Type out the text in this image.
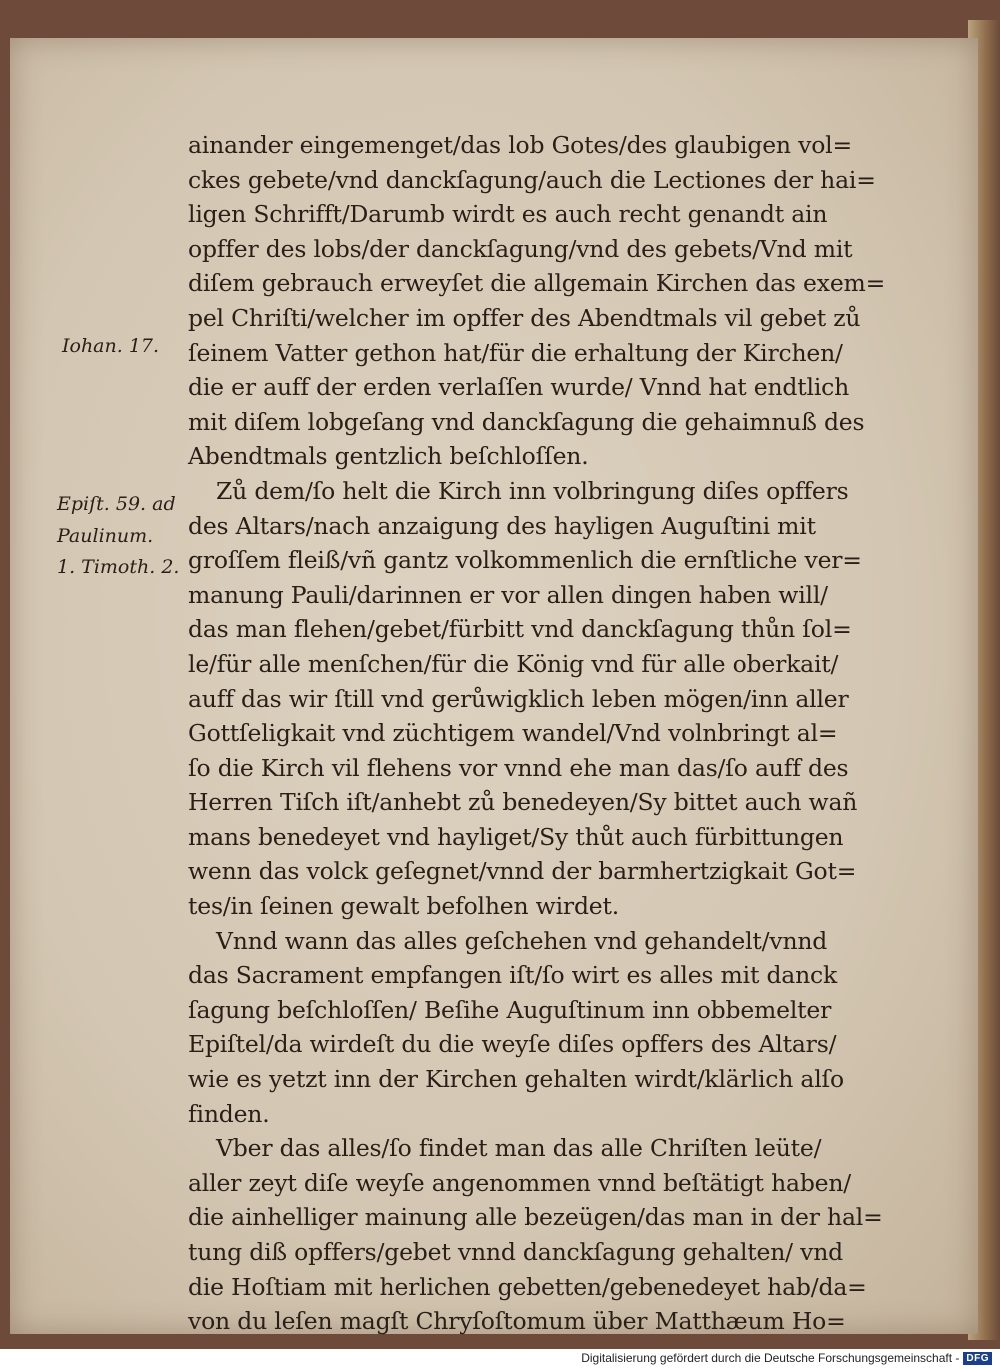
Iohan. 17.
Epiſt. 59. ad
Paulinum.
1. Timoth. 2.
ainander eingemenget/das lob Gotes/des glaubigen vol=
ckes gebete/vnd danckſagung/auch die Lectiones der hai=
ligen Schrifft/Darumb wirdt es auch recht genandt ain
opffer des lobs/der danckſagung/vnd des gebets/Vnd mit
diſem gebrauch erweyſet die allgemain Kirchen das exem=
pel Chriſti/welcher im opffer des Abendtmals vil gebet zů
ſeinem Vatter gethon hat/für die erhaltung der Kirchen/
die er auff der erden verlaſſen wurde/ Vnnd hat endtlich
mit diſem lobgeſang vnd danckſagung die gehaimnuß des
Abendtmals gentzlich beſchloſſen.
Zů dem/ſo helt die Kirch inn volbringung diſes opffers
des Altars/nach anzaigung des hayligen Auguſtini mit
groſſem fleiß/vñ gantz volkommenlich die ernſtliche ver=
manung Pauli/darinnen er vor allen dingen haben will/
das man flehen/gebet/fürbitt vnd danckſagung thůn ſol=
le/für alle menſchen/für die König vnd für alle oberkait/
auff das wir ſtill vnd gerůwigklich leben mögen/inn aller
Gottſeligkait vnd züchtigem wandel/Vnd volnbringt al=
ſo die Kirch vil flehens vor vnnd ehe man das/ſo auff des
Herren Tiſch iſt/anhebt zů benedeyen/Sy bittet auch wañ
mans benedeyet vnd hayliget/Sy thůt auch fürbittungen
wenn das volck geſegnet/vnnd der barmhertzigkait Got=
tes/in ſeinen gewalt befolhen wirdet.
Vnnd wann das alles geſchehen vnd gehandelt/vnnd
das Sacrament empfangen iſt/ſo wirt es alles mit danck
ſagung beſchloſſen/ Beſihe Auguſtinum inn obbemelter
Epiſtel/da wirdeſt du die weyſe diſes opffers des Altars/
wie es yetzt inn der Kirchen gehalten wirdt/klärlich alſo
finden.
Vber das alles/ſo findet man das alle Chriſten leüte/
aller zeyt diſe weyſe angenommen vnnd beſtätigt haben/
die ainhelliger mainung alle bezeügen/das man in der hal=
tung diß opffers/gebet vnnd danckſagung gehalten/ vnd
die Hoſtiam mit herlichen gebetten/gebenedeyet hab/da=
von du leſen magſt Chryſoſtomum über Matthæum Ho=
Digitalisierung gefördert durch die Deutsche Forschungsgemeinschaft - DFG
